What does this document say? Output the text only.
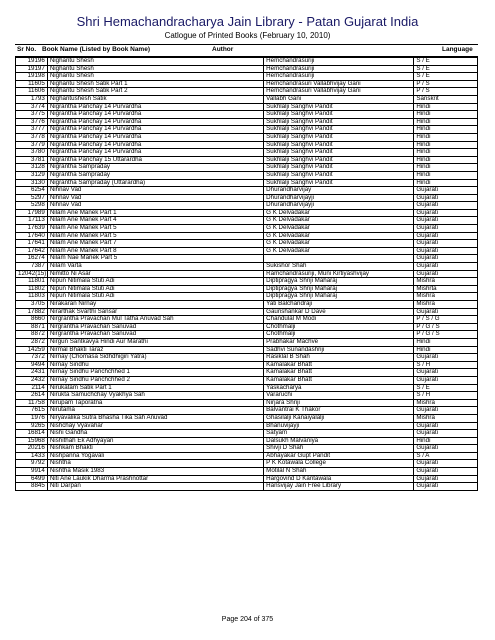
Shri Hemachandracharya Jain Library - Patan Gujarat India
Catlogue of Printed Books (February 10, 2010)
Sr No. Book Name (Listed by Book Name)	Author	Language
19196	Nighantu Shesh	Hemchandrasuriji	S / E
19197	Nighantu Shesh	Hemchandrasuriji	S / E
19198	Nighantu Shesh	Hemchandrasuriji	S / E
11605	Nighantu Shesh Satik Part 1	Hemchandrasuri Vallabhvijay Gani	P / S
11606	Nighantu Shesh Satik Part 2	Hemchandrasuri Vallabhvijay Gani	P / S
1793	Nighantushesh Satik	Vallabh Gani	Sanskrit
3774	Nigrantha Parichay 14 Purvardha	Sukhlalji Sanghvi Pandit	Hindi
3775	Nigrantha Parichay 14 Purvardha	Sukhlalji Sanghvi Pandit	Hindi
3776	Nigrantha Parichay 14 Purvardha	Sukhlalji Sanghvi Pandit	Hindi
3777	Nigrantha Parichay 14 Purvardha	Sukhlalji Sanghvi Pandit	Hindi
3778	Nigrantha Parichay 14 Purvardha	Sukhlalji Sanghvi Pandit	Hindi
3779	Nigrantha Parichay 14 Purvardha	Sukhlalji Sanghvi Pandit	Hindi
3780	Nigrantha Parichay 14 Purvardha	Sukhlalji Sanghvi Pandit	Hindi
3781	Nigrantha Parichay 15 Uttarardha	Sukhlalji Sanghvi Pandit	Hindi
3128	Nigrantha Sampraday	Sukhlalji Sanghvi Pandit	Hindi
3129	Nigrantha Sampraday	Sukhlalji Sanghvi Pandit	Hindi
3130	Nigrantha Sampraday (Uttarardha)	Sukhlalji Sanghvi Pandit	Hindi
6254	Nihnav Vad	Dhurandharvijay	Gujarati
5297	Nihnav Vad	Dhurandharvijayji	Gujarati
5298	Nihnav Vad	Dhurandharvijayji	Gujarati
17989	Nilam Ane Manek Part 1	G K Delvadakar	Gujarati
17113	Nilam Ane Manek Part 4	G K Delvadakar	Gujarati
17639	Nilam Ane Manek Part 5	G K Delvadakar	Gujarati
17640	Nilam Ane Manek Part 5	G K Delvadakar	Gujarati
17641	Nilam Ane Manek Part 7	G K Delvadakar	Gujarati
17642	Nilam Ane Manek Part 8	G K Delvadakar	Gujarati
16274	Nilam Nae Manek Part 5		Gujarati
7387	Nilam Varta	Sukishor Shah	Gujarati
12042(15)	Nimitto Ni Asar	Ramchandrasuriji, Muni Kirtiyashvijay	Gujarati
11801	Nipun Nitimala Stuti Adi	Diptipragya Shriji Maharaj	Mishra
11802	Nipun Nitimala Stuti Adi	Diptipragya Shriji Maharaj	Mishrta
11803	Nipun Nitimala Stuti Adi	Diptipragya Shriji Maharaj	Mishra
3705	Nirakaran Nirnay	Yati Balchandraji	Mishra
17882	Nirarthak Svarthi Sansar	Gaurishankar D Dave	Gujarati
8660	Nirgrantha Pravachan Mul Tatha Anuvad Sah	Chandulal M Modi	P / S / G
8871	Nirgrantha Pravachan Sanuvad	Chothmalji	P / G / S
8872	Nirgrantha Pravachan Sanuvad	Chothmalji	P / G / S
2872	Nirgun Santkavya Hindi Aur Marathi	Prabhakar Machve	Hindi
14259	Nirmal Bhakti Taraz	Sadhvi Sunandashriji	Hindi
7372	Nirnay (Chomasa Sidhdhigiri Yatra)	Rasiklal B Shah	Gujarati
9494	Nirnay Sindhu	Kamalakar Bhatt	S / H
2431	Nirnay Sindhu Parichchhed 1	Kamalakar Bhatt	Gujarati
2432	Nirnay Sindhu Parichchhed 2	Kamalakar Bhatt	Gujarati
2114	Nirukatam Satik Part 1	Yaskacharya	S / E
2614	Nirukta Samuchchay Vyakhya Sah	Vararuchi	S / H
11758	Nirupam Taporatna	Nirjara Shriji	Mishra
7615	Nirutama	Balvantrai K Thakor	Gujarati
1976	Niryavalika Sutra Bhasha Tika Sah Anuvad	Ghasilalji Kanaiyalalji	Mishra
9265	Nishchay Vyavahar	Bhanuvijayji	Gujarati
16814	Nishi Gandha	Satyam	Gujarati
15968	Nishithah Ek Adhyayan	Dalsukh Malvaniya	Hindi
20216	Nishkam Bhakti	Shivji D Shah	Gujarati
1433	Nishpanna Yogavali	Abhayakar Gupt Pandit	S / A
9792	Nishtha	P K Kotawala College	Gujarati
9914	Nishtha Masik 1983	Motilal N Shah	Gujarati
6499	Niti Ane Laukik Dharma Prashnottar	Hargovind D Kantawala	Gujarati
8845	Niti Darpan	Hansvijay Jain Free Library	Gujarati
Page 204 of 375
